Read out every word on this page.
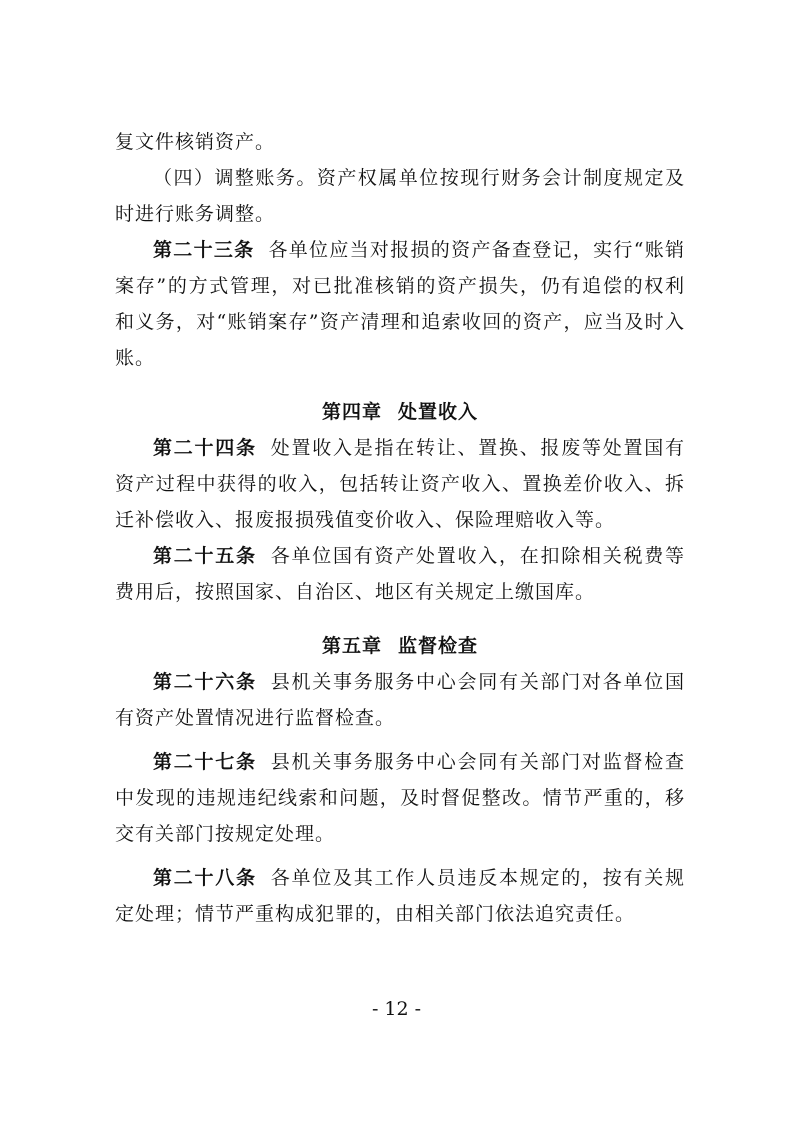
复文件核销资产。

（四）调整账务。资产权属单位按现行财务会计制度规定及时进行账务调整。

第二十三条 各单位应当对报损的资产备查登记，实行“账销案存”的方式管理，对已批准核销的资产损失，仍有追偿的权利和义务，对“账销案存”资产清理和追索收回的资产，应当及时入账。

第四章 处置收入

第二十四条 处置收入是指在转让、置换、报废等处置国有资产过程中获得的收入，包括转让资产收入、置换差价收入、拆迁补偿收入、报废报损残值变价收入、保险理赔收入等。

第二十五条 各单位国有资产处置收入，在扣除相关税费等费用后，按照国家、自治区、地区有关规定上缴国库。

第五章 监督检查

第二十六条 县机关事务服务中心会同有关部门对各单位国有资产处置情况进行监督检查。

第二十七条 县机关事务服务中心会同有关部门对监督检查中发现的违规违纪线索和问题，及时督促整改。情节严重的，移交有关部门按规定处理。

第二十八条 各单位及其工作人员违反本规定的，按有关规定处理；情节严重构成犯罪的，由相关部门依法追究责任。

- 12 -
